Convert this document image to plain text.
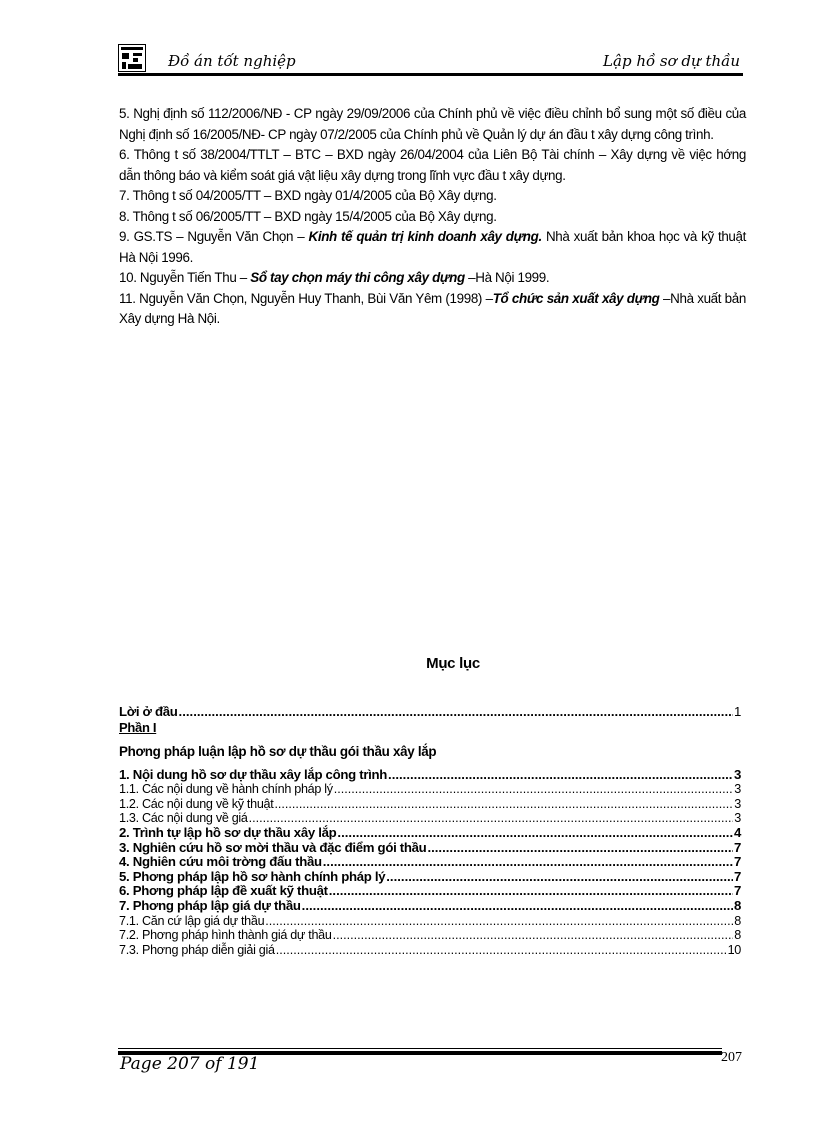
Đồ án tốt nghiệp	Lập hồ sơ dự thầu

5. Nghị định số 112/2006/NĐ - CP ngày 29/09/2006 của Chính phủ về việc điều chỉnh bổ sung một số điều của Nghị định số 16/2005/NĐ- CP ngày 07/2/2005 của Chính phủ về Quản lý dự án đầu t xây dựng công trình.

6. Thông t số 38/2004/TTLT – BTC – BXD ngày 26/04/2004 của Liên Bộ Tài chính – Xây dựng về việc hớng dẫn thông báo và kiểm soát giá vật liệu xây dựng trong lĩnh vực đầu t xây dựng.

7. Thông t số 04/2005/TT – BXD ngày 01/4/2005 của Bộ Xây dựng.

8. Thông t số 06/2005/TT – BXD ngày 15/4/2005 của Bộ Xây dựng.

9. GS.TS – Nguyễn Văn Chọn – Kinh tế quản trị kinh doanh xây dựng. Nhà xuất bản khoa học và kỹ thuật Hà Nội 1996.

10. Nguyễn Tiến Thu – Sổ tay chọn máy thi công xây dựng –Hà Nội 1999.

11. Nguyễn Văn Chọn, Nguyễn Huy Thanh, Bùi Văn Yêm (1998) –Tổ chức sản xuất xây dựng –Nhà xuất bản Xây dựng Hà Nội.

Mục lục
Lời ở đầu .....	1
Phần I
Phơng pháp luận lập hồ sơ dự thầu gói thầu xây lắp
1. Nội dung hồ sơ dự thầu xây lắp công trình .....	3
1.1. Các nội dung về hành chính pháp lý .....	3
1.2. Các nội dung về kỹ thuật .....	3
1.3. Các nội dung về giá .....	3
2. Trình tự lập hồ sơ dự thầu xây lắp .....	4
3. Nghiên cứu hồ sơ mời thầu và đặc điểm gói thầu .....	7
4. Nghiên cứu môi trờng đấu thầu .....	7
5. Phơng pháp lập hồ sơ hành chính pháp lý .....	7
6. Phơng pháp lập đề xuất kỹ thuật .....	7
7. Phơng pháp lập giá dự thầu .....	8
7.1. Căn cứ lập giá dự thầu .....	8
7.2. Phơng pháp hình thành giá dự thầu .....	8
7.3. Phơng pháp diễn giải giá .....	10
Page 207 of 191	207
